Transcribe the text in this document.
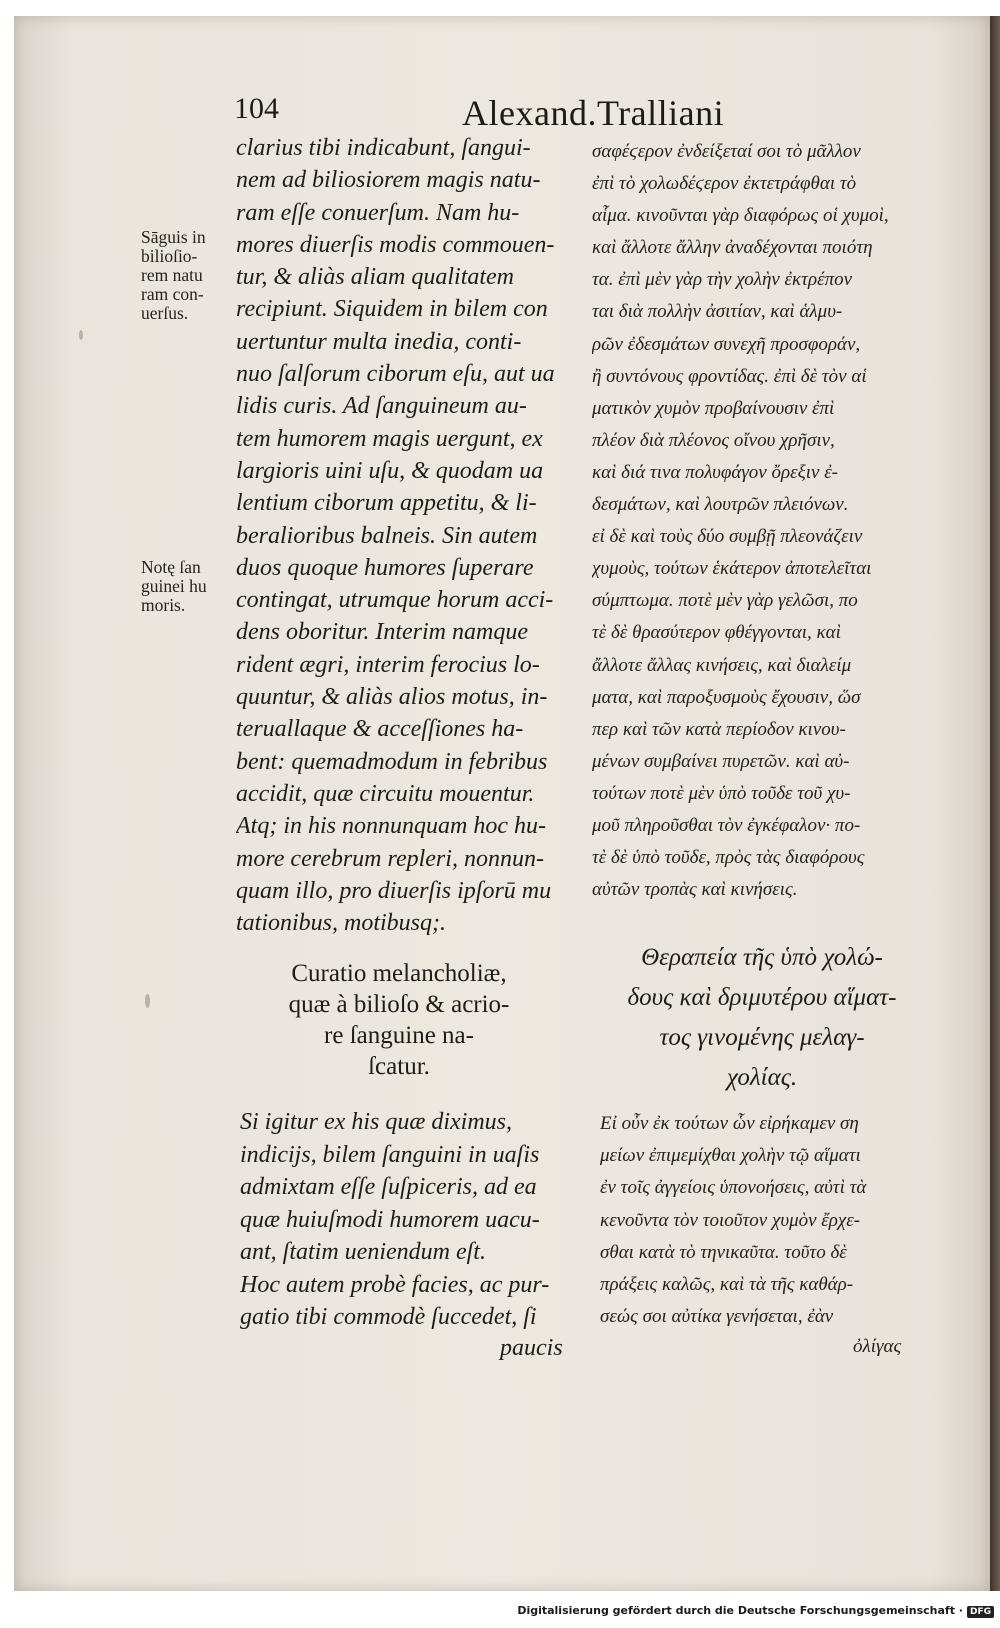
104	Alexand.Tralliani
Sāguis in
bilioſio-
rem natu
ram con-
uerſus.
Notę ſan
guinei hu
moris.
clarius tibi indicabunt, ſangui-
nem ad biliosiorem magis natu-
ram eſſe conuerſum. Nam hu-
mores diuerſis modis commouen-
tur, & aliàs aliam qualitatem
recipiunt. Siquidem in bilem con
uertuntur multa inedia, conti-
nuo ſalſorum ciborum eſu, aut ua
lidis curis. Ad ſanguineum au-
tem humorem magis uergunt, ex
largioris uini uſu, & quodam ua
lentium ciborum appetitu, & li-
beralioribus balneis. Sin autem
duos quoque humores ſuperare
contingat, utrumque horum acci-
dens oboritur. Interim namque
rident ægri, interim ferocius lo-
quuntur, & aliàs alios motus, in-
teruallaque & acceſſiones ha-
bent: quemadmodum in febribus
accidit, quæ circuitu mouentur.
Atq; in his nonnunquam hoc hu-
more cerebrum repleri, nonnun-
quam illo, pro diuerſis ipſorū mu
tationibus, motibusq;.
σαφέϛερον ἐνδείξεταί σοι τὸ μᾶλλον
ἐπὶ τὸ χολωδέϛερον ἐκτετράφθαι τὸ
αἷμα. κινοῦνται γὰρ διαφόρως οἱ χυμοὶ,
καὶ ἄλλοτε ἄλλην ἀναδέχονται ποιότη
τα. ἐπὶ μὲν γὰρ τὴν χολὴν ἐκτρέπον
ται διὰ πολλὴν ἀσιτίαν, καὶ ἁλμυ-
ρῶν ἐδεσμάτων συνεχῆ προσφοράν,
ἢ συντόνους φροντίδας. ἐπὶ δὲ τὸν αἱ
ματικὸν χυμὸν προβαίνουσιν ἐπὶ
πλέον διὰ πλέονος οἴνου χρῆσιν,
καὶ διά τινα πολυφάγον ὄρεξιν ἐ-
δεσμάτων, καὶ λουτρῶν πλειόνων.
εἰ δὲ καὶ τοὺς δύο συμβῇ πλεονάζειν
χυμοὺς, τούτων ἑκάτερον ἀποτελεῖται
σύμπτωμα. ποτὲ μὲν γὰρ γελῶσι, πο
τὲ δὲ θρασύτερον φθέγγονται, καὶ
ἄλλοτε ἄλλας κινήσεις, καὶ διαλείμ
ματα, καὶ παροξυσμοὺς ἔχουσιν, ὥσ
περ καὶ τῶν κατὰ περίοδον κινου-
μένων συμβαίνει πυρετῶν. καὶ αὐ-
τούτων ποτὲ μὲν ὑπὸ τοῦδε τοῦ χυ-
μοῦ πληροῦσθαι τὸν ἐγκέφαλον· πο-
τὲ δὲ ὑπὸ τοῦδε, πρὸς τὰς διαφόρους
αὐτῶν τροπὰς καὶ κινήσεις.
Curatio melancholiæ,
quæ à bilioſo & acrio-
re ſanguine na-
ſcatur.
Θεραπεία τῆς ὑπὸ χολώ-
δους καὶ δριμυτέρου αἵματ-
τος γινομένης μελαγ-
χολίας.
Si igitur ex his quæ diximus,
indicijs, bilem ſanguini in uaſis
admixtam eſſe ſuſpiceris, ad ea
quæ huiuſmodi humorem uacu-
ant, ſtatim ueniendum eſt.
Hoc autem probè facies, ac pur-
gatio tibi commodè ſuccedet, ſi
Εἰ οὖν ἐκ τούτων ὧν εἰρήκαμεν ση
μείων ἐπιμεμίχθαι χολὴν τῷ αἵματι
ἐν τοῖς ἀγγείοις ὑπονοήσεις, αὐτὶ τὰ
κενοῦντα τὸν τοιοῦτον χυμὸν ἔρχε-
σθαι κατὰ τὸ τηνικαῦτα. τοῦτο δὲ
πράξεις καλῶς, καὶ τὰ τῆς καθάρ-
σεώς σοι αὐτίκα γενήσεται, ἐὰν
paucis	ὀλίγας
Digitalisierung gefördert durch die Deutsche Forschungsgemeinschaft · DFG
